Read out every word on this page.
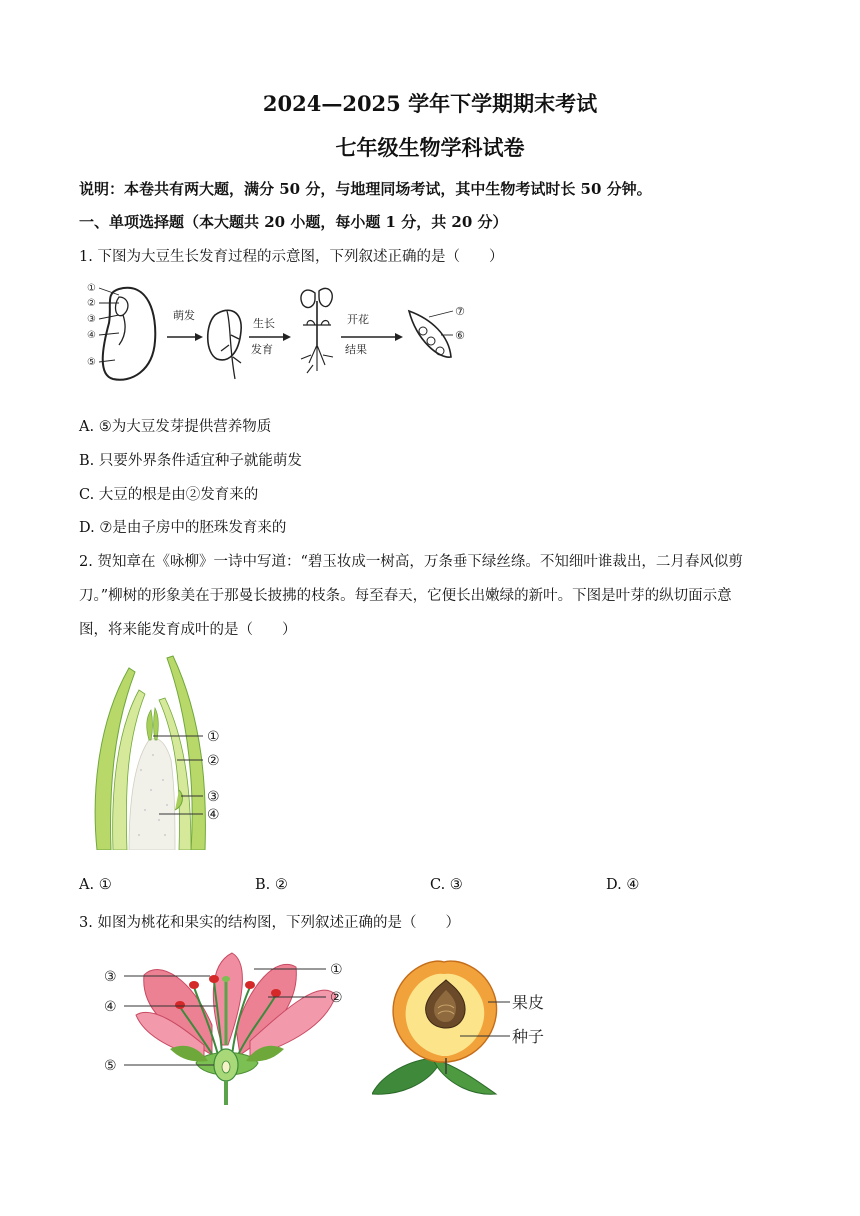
2024—2025 学年下学期期末考试
七年级生物学科试卷
说明：本卷共有两大题，满分 50 分，与地理同场考试，其中生物考试时长 50 分钟。
一、单项选择题（本大题共 20 小题，每小题 1 分，共 20 分）
1. 下图为大豆生长发育过程的示意图，下列叙述正确的是（　　）
①
②
③
④
⑤
萌发
生长
发育
开花
结果
⑦
⑥
A. ⑤为大豆发芽提供营养物质
B. 只要外界条件适宜种子就能萌发
C. 大豆的根是由②发育来的
D. ⑦是由子房中的胚珠发育来的
2. 贺知章在《咏柳》一诗中写道：“碧玉妆成一树高，万条垂下绿丝绦。不知细叶谁裁出，二月春风似剪
刀。”柳树的形象美在于那曼长披拂的枝条。每至春天，它便长出嫩绿的新叶。下图是叶芽的纵切面示意
图，将来能发育成叶的是（　　）
①
②
③
④
A. ①	B. ②	C. ③	D. ④
3. 如图为桃花和果实的结构图，下列叙述正确的是（　　）
③
④
⑤
①
②	果皮
种子
